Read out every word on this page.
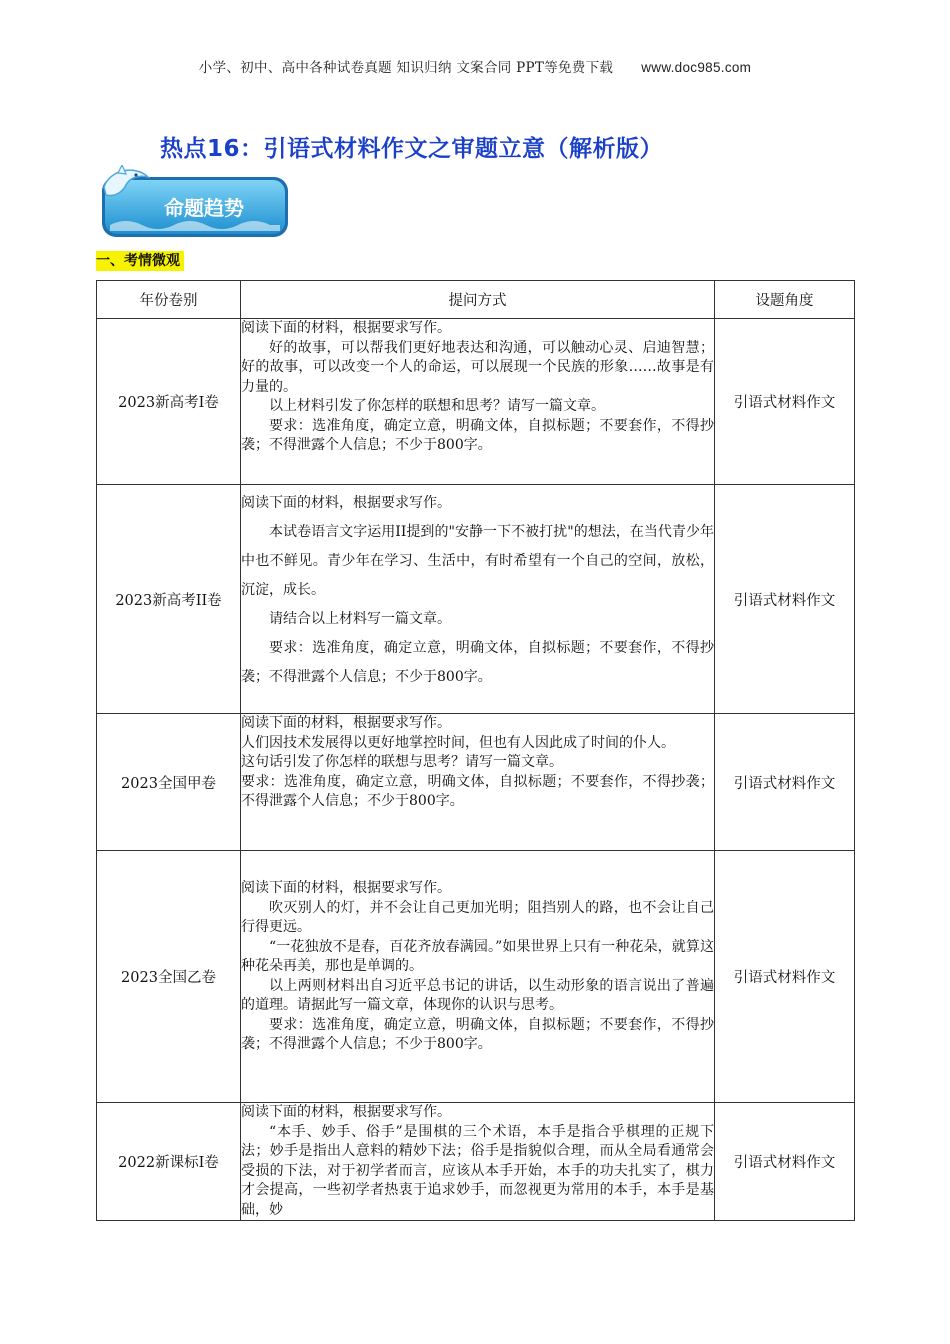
小学、初中、高中各种试卷真题 知识归纳 文案合同 PPT等免费下载 www.doc985.com
热点16：引语式材料作文之审题立意（解析版）
命题趋势
一、考情微观
年份卷别	提问方式	设题角度
2023新高考I卷	阅读下面的材料，根据要求写作。

好的故事，可以帮我们更好地表达和沟通，可以触动心灵、启迪智慧；好的故事，可以改变一个人的命运，可以展现一个民族的形象……故事是有力量的。

以上材料引发了你怎样的联想和思考？请写一篇文章。

要求：选准角度，确定立意，明确文体，自拟标题；不要套作，不得抄袭；不得泄露个人信息；不少于800字。	引语式材料作文
2023新高考II卷	阅读下面的材料，根据要求写作。

本试卷语言文字运用II提到的"安静一下不被打扰"的想法，在当代青少年中也不鲜见。青少年在学习、生活中，有时希望有一个自己的空间，放松，沉淀，成长。

请结合以上材料写一篇文章。

要求：选准角度，确定立意，明确文体，自拟标题；不要套作，不得抄袭；不得泄露个人信息；不少于800字。	引语式材料作文
2023全国甲卷	阅读下面的材料，根据要求写作。

人们因技术发展得以更好地掌控时间，但也有人因此成了时间的仆人。

这句话引发了你怎样的联想与思考？请写一篇文章。

要求：选准角度，确定立意，明确文体，自拟标题；不要套作，不得抄袭；不得泄露个人信息；不少于800字。	引语式材料作文
2023全国乙卷	阅读下面的材料，根据要求写作。

吹灭别人的灯，并不会让自己更加光明；阻挡别人的路，也不会让自己行得更远。

“一花独放不是春，百花齐放春满园。”如果世界上只有一种花朵，就算这种花朵再美，那也是单调的。

以上两则材料出自习近平总书记的讲话，以生动形象的语言说出了普遍的道理。请据此写一篇文章，体现你的认识与思考。

要求：选准角度，确定立意，明确文体，自拟标题；不要套作，不得抄袭；不得泄露个人信息；不少于800字。	引语式材料作文
2022新课标I卷	阅读下面的材料，根据要求写作。

“本手、妙手、俗手”是围棋的三个术语，本手是指合乎棋理的正规下法；妙手是指出人意料的精妙下法；俗手是指貌似合理，而从全局看通常会受损的下法，对于初学者而言，应该从本手开始，本手的功夫扎实了，棋力才会提高，一些初学者热衷于追求妙手，而忽视更为常用的本手，本手是基础，妙	引语式材料作文
